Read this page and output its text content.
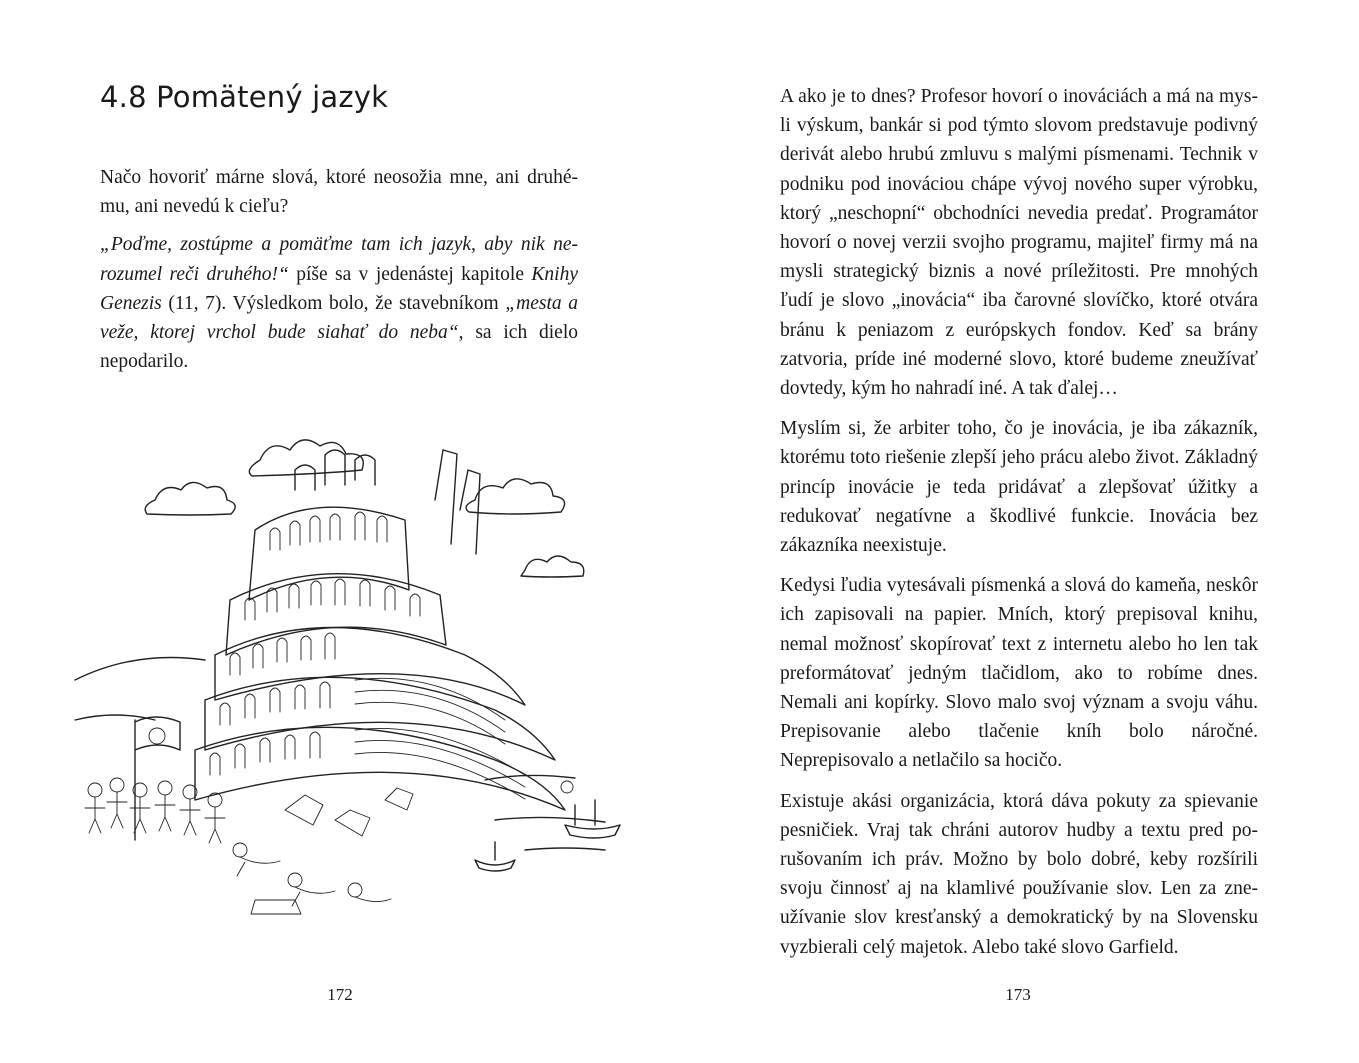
4.8 Pomätený jazyk

Načo hovoriť márne slová, ktoré neosožia mne, ani druhému, ani nevedú k cieľu?

„Poďme, zostúpme a pomäťme tam ich jazyk, aby nik nerozumel reči druhého!“ píše sa v jedenástej kapitole Knihy Genezis (11, 7). Výsledkom bolo, že stavebníkom „mesta a veže, ktorej vrchol bude siahať do neba“, sa ich dielo nepodarilo.

172

A ako je to dnes? Profesor hovorí o inováciách a má na mysli výskum, bankár si pod týmto slovom predstavuje podivný derivát alebo hrubú zmluvu s malými písmenami. Technik v podniku pod inováciou chápe vývoj nového super výrobku, ktorý „neschopní“ obchodníci nevedia predať. Programátor hovorí o novej verzii svojho programu, majiteľ firmy má na mysli strategický biznis a nové príležitosti. Pre mnohých ľudí je slovo „inovácia“ iba čarovné slovíčko, ktoré otvára bránu k peniazom z európskych fondov. Keď sa brány zatvoria, príde iné moderné slovo, ktoré budeme zneužívať dovtedy, kým ho nahradí iné. A tak ďalej…

Myslím si, že arbiter toho, čo je inovácia, je iba zákazník, ktorému toto riešenie zlepší jeho prácu alebo život. Základný princíp inovácie je teda pridávať a zlepšovať úžitky a redukovať negatívne a škodlivé funkcie. Inovácia bez zákazníka neexistuje.

Kedysi ľudia vytesávali písmenká a slová do kameňa, neskôr ich zapisovali na papier. Mních, ktorý prepisoval knihu, nemal možnosť skopírovať text z internetu alebo ho len tak preformátovať jedným tlačidlom, ako to robíme dnes. Nemali ani kopírky. Slovo malo svoj význam a svoju váhu. Prepisovanie alebo tlačenie kníh bolo náročné. Neprepisovalo a netlačilo sa hocičo.

Existuje akási organizácia, ktorá dáva pokuty za spievanie pesničiek. Vraj tak chráni autorov hudby a textu pred porušovaním ich práv. Možno by bolo dobré, keby rozšírili svoju činnosť aj na klamlivé používanie slov. Len za zneužívanie slov kresťanský a demokratický by na Slovensku vyzbierali celý majetok. Alebo také slovo Garfield.

173
